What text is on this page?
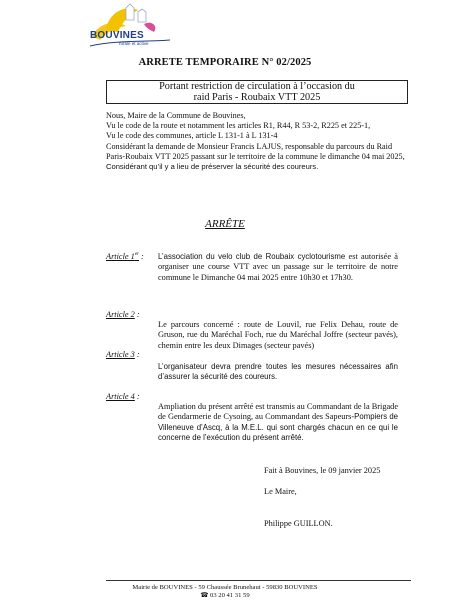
BOUVINES
rurale et active
ARRETE TEMPORAIRE N° 02/2025
Portant restriction de circulation à l’occasion du
raid Paris - Roubaix VTT 2025
Nous, Maire de la Commune de Bouvines,
Vu le code de la route et notamment les articles R1, R44, R 53-2, R225 et 225-1,
Vu le code des communes, article L 131-1 à L 131-4
Considérant la demande de Monsieur Francis LAJUS, responsable du parcours du Raid Paris-Roubaix VTT 2025 passant sur le territoire de la commune le dimanche 04 mai 2025,
Considérant qu’il y a lieu de préserver la sécurité des coureurs.
ARRÊTE
Article 1er : L’association du velo club de Roubaix cyclotourisme est autorisée à organiser une course VTT avec un passage sur le territoire de notre commune le Dimanche 04 mai 2025 entre 10h30 et 17h30.
Article 2 :
Le parcours concerné : route de Louvil, rue Felix Dehau, route de Gruson, rue du Maréchal Foch, rue du Maréchal Joffre (secteur pavés), chemin entre les deux Dimages (secteur pavés)
Article 3 :
L’organisateur devra prendre toutes les mesures nécessaires afin d’assurer la sécurité des coureurs.
Article 4 :
Ampliation du présent arrêté est transmis au Commandant de la Brigade de Gendarmerie de Cysoing, au Commandant des Sapeurs-Pompiers de Villeneuve d’Ascq, à la M.E.L. qui sont chargés chacun en ce qui le concerne de l’exécution du présent arrêté.
Fait à Bouvines, le 09 janvier 2025
Le Maire,
Philippe GUILLON.
Mairie de BOUVINES - 59 Chaussée Brunehaut - 59830 BOUVINES
☎ 03 20 41 31 59
